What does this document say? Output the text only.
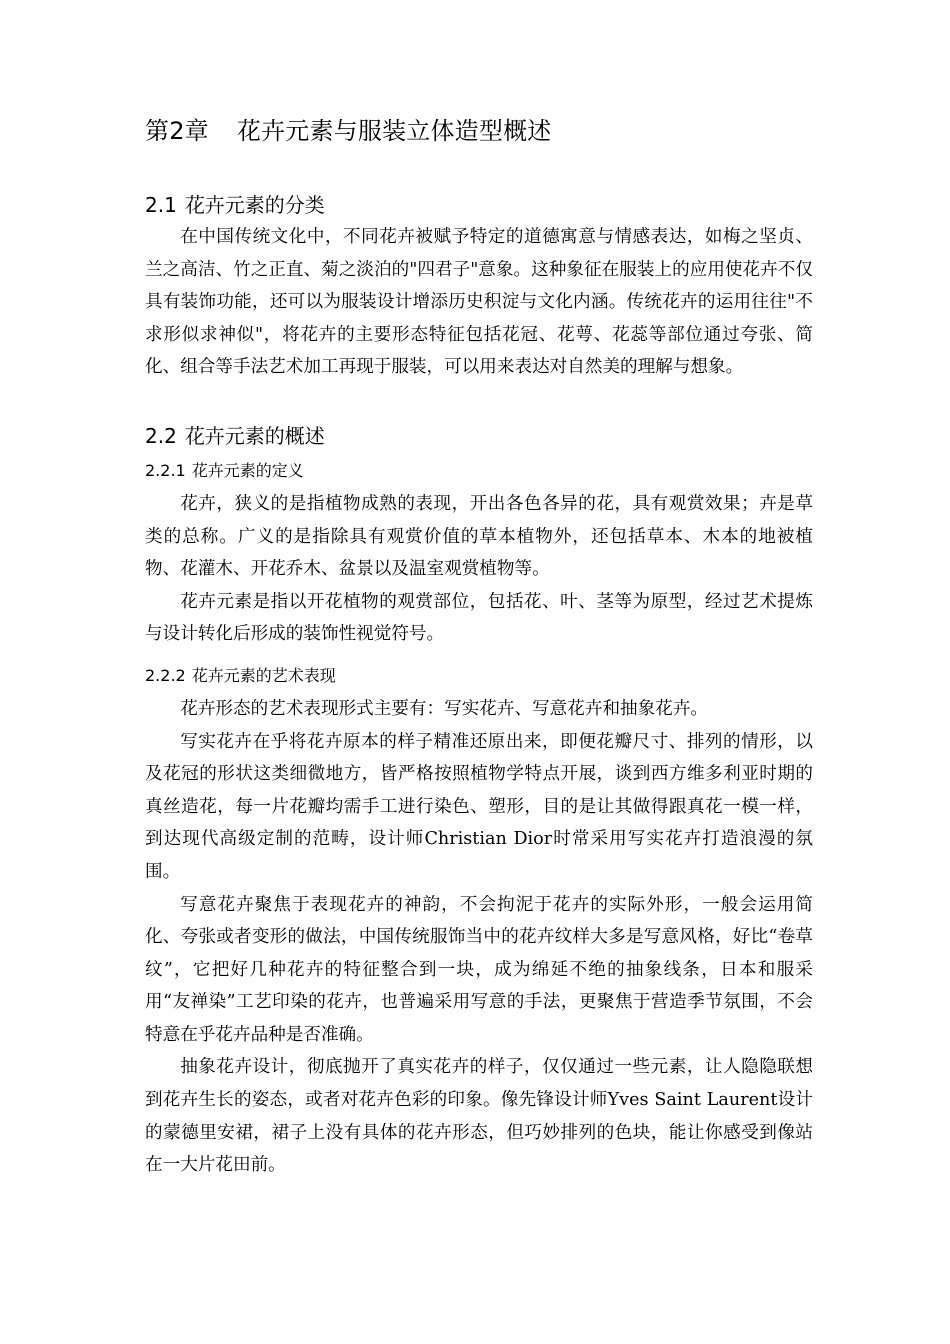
第2章 花卉元素与服装立体造型概述
2.1 花卉元素的分类

在中国传统文化中，不同花卉被赋予特定的道德寓意与情感表达，如梅之坚贞、兰之高洁、竹之正直、菊之淡泊的"四君子"意象。这种象征在服装上的应用使花卉不仅具有装饰功能，还可以为服装设计增添历史积淀与文化内涵。传统花卉的运用往往"不求形似求神似"，将花卉的主要形态特征包括花冠、花萼、花蕊等部位通过夸张、简化、组合等手法艺术加工再现于服装，可以用来表达对自然美的理解与想象。

2.2 花卉元素的概述
2.2.1 花卉元素的定义

花卉，狭义的是指植物成熟的表现，开出各色各异的花，具有观赏效果；卉是草类的总称。广义的是指除具有观赏价值的草本植物外，还包括草本、木本的地被植物、花灌木、开花乔木、盆景以及温室观赏植物等。

花卉元素是指以开花植物的观赏部位，包括花、叶、茎等为原型，经过艺术提炼与设计转化后形成的装饰性视觉符号。

2.2.2 花卉元素的艺术表现

花卉形态的艺术表现形式主要有：写实花卉、写意花卉和抽象花卉。

写实花卉在乎将花卉原本的样子精准还原出来，即便花瓣尺寸、排列的情形，以及花冠的形状这类细微地方，皆严格按照植物学特点开展，谈到西方维多利亚时期的真丝造花，每一片花瓣均需手工进行染色、塑形，目的是让其做得跟真花一模一样，到达现代高级定制的范畴，设计师Christian Dior时常采用写实花卉打造浪漫的氛围。

写意花卉聚焦于表现花卉的神韵，不会拘泥于花卉的实际外形，一般会运用简化、夸张或者变形的做法，中国传统服饰当中的花卉纹样大多是写意风格，好比“卷草纹”，它把好几种花卉的特征整合到一块，成为绵延不绝的抽象线条，日本和服采用“友禅染”工艺印染的花卉，也普遍采用写意的手法，更聚焦于营造季节氛围，不会特意在乎花卉品种是否准确。

抽象花卉设计，彻底抛开了真实花卉的样子，仅仅通过一些元素，让人隐隐联想到花卉生长的姿态，或者对花卉色彩的印象。像先锋设计师Yves Saint Laurent设计的蒙德里安裙，裙子上没有具体的花卉形态，但巧妙排列的色块，能让你感受到像站在一大片花田前。
